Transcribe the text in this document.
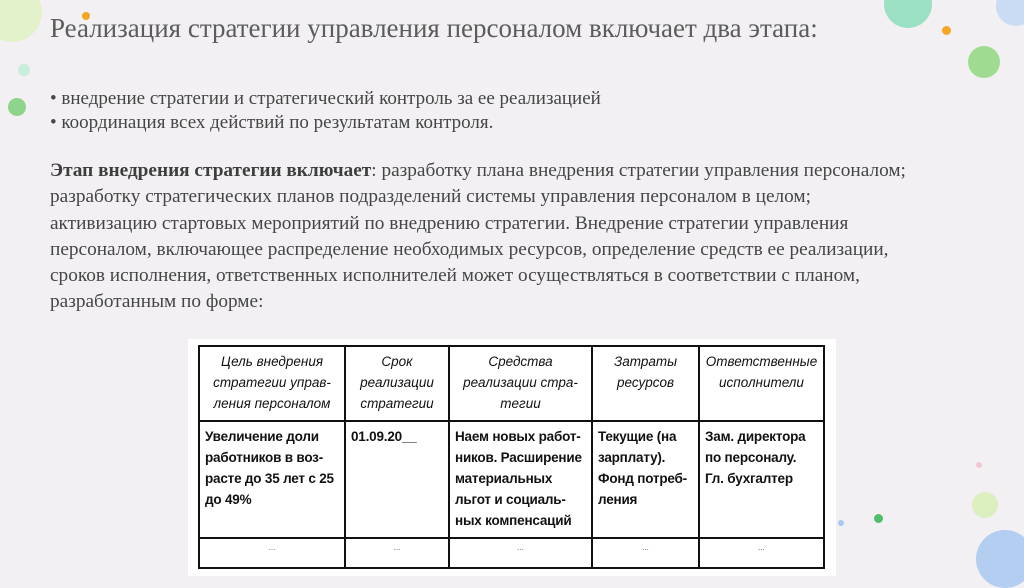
Реализация стратегии управления персоналом включает два этапа:
• внедрение стратегии и стратегический контроль за ее реализацией
• координация всех действий по результатам контроля.

Этап внедрения стратегии включает: разработку плана внедрения стратегии управления персоналом; разработку стратегических планов подразделений системы управления персоналом в целом; активизацию стартовых мероприятий по внедрению стратегии. Внедрение стратегии управления персоналом, включающее распределение необходимых ресурсов, определение средств ее реализации, сроков исполнения, ответственных исполнителей может осуществляться в соответствии с планом, разработанным по форме:

Цель внедрения стратегии управ-ления персоналом	Срок реализации стратегии	Средства реализации стра-тегии	Затраты ресурсов	Ответственные исполнители
Увеличение доли работников в воз-расте до 35 лет с 25 до 49%	01.09.20__	Наем новых работ-ников. Расширение материальных льгот и социаль-ных компенсаций	Текущие (на зарплату). Фонд потреб-ления	Зам. директора по персоналу. Гл. бухгалтер
...	...	...	...	...
